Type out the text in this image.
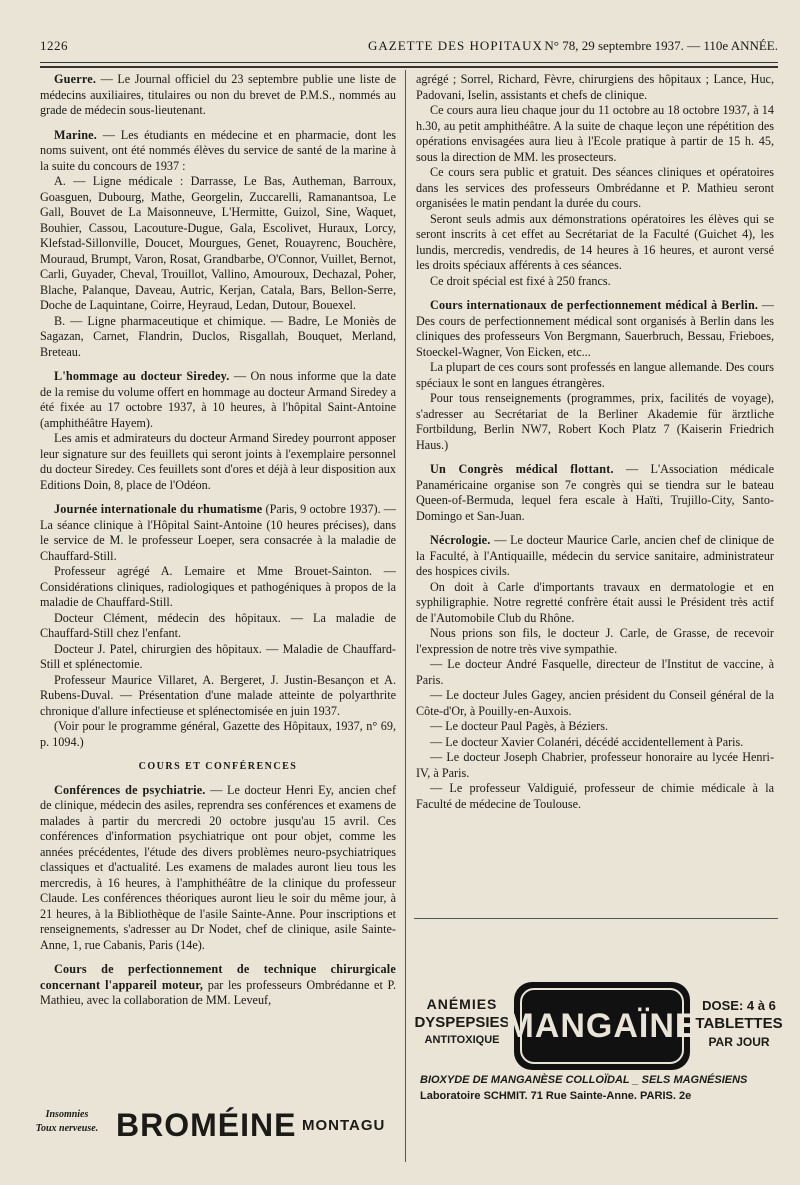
1226	GAZETTE DES HOPITAUX N° 78, 29 septembre 1937. — 110e ANNÉE.

Guerre. — Le Journal officiel du 23 septembre publie une liste de médecins auxiliaires, titulaires ou non du brevet de P.M.S., nommés au grade de médecin sous-lieutenant.

Marine. — Les étudiants en médecine et en pharmacie, dont les noms suivent, ont été nommés élèves du service de santé de la marine à la suite du concours de 1937 :

A. — Ligne médicale : Darrasse, Le Bas, Autheman, Barroux, Goasguen, Dubourg, Mathe, Georgelin, Zuccarelli, Ramanantsoa, Le Gall, Bouvet de La Maisonneuve, L'Hermitte, Guizol, Sine, Waquet, Bouhier, Cassou, Lacouture-Dugue, Gala, Escolivet, Huraux, Lorcy, Klefstad-Sillonville, Doucet, Mourgues, Genet, Rouayrenc, Bouchère, Mouraud, Brumpt, Varon, Rosat, Grandbarbe, O'Connor, Vuillet, Bernot, Carli, Guyader, Cheval, Trouillot, Vallino, Amouroux, Dechazal, Poher, Blache, Palanque, Daveau, Autric, Kerjan, Catala, Bars, Bellon-Serre, Doche de Laquintane, Coirre, Heyraud, Ledan, Dutour, Bouexel.

B. — Ligne pharmaceutique et chimique. — Badre, Le Moniès de Sagazan, Carnet, Flandrin, Duclos, Risgallah, Bouquet, Merland, Breteau.

L'hommage au docteur Siredey. — On nous informe que la date de la remise du volume offert en hommage au docteur Armand Siredey a été fixée au 17 octobre 1937, à 10 heures, à l'hôpital Saint-Antoine (amphithéâtre Hayem).

Les amis et admirateurs du docteur Armand Siredey pourront apposer leur signature sur des feuillets qui seront joints à l'exemplaire personnel du docteur Siredey. Ces feuillets sont d'ores et déjà à leur disposition aux Editions Doin, 8, place de l'Odéon.

Journée internationale du rhumatisme (Paris, 9 octobre 1937). — La séance clinique à l'Hôpital Saint-Antoine (10 heures précises), dans le service de M. le professeur Loeper, sera consacrée à la maladie de Chauffard-Still.

Professeur agrégé A. Lemaire et Mme Brouet-Sainton. — Considérations cliniques, radiologiques et pathogéniques à propos de la maladie de Chauffard-Still.

Docteur Clément, médecin des hôpitaux. — La maladie de Chauffard-Still chez l'enfant.

Docteur J. Patel, chirurgien des hôpitaux. — Maladie de Chauffard-Still et splénectomie.

Professeur Maurice Villaret, A. Bergeret, J. Justin-Besançon et A. Rubens-Duval. — Présentation d'une malade atteinte de polyarthrite chronique d'allure infectieuse et splénectomisée en juin 1937.

(Voir pour le programme général, Gazette des Hôpitaux, 1937, n° 69, p. 1094.)

COURS ET CONFÉRENCES

Conférences de psychiatrie. — Le docteur Henri Ey, ancien chef de clinique, médecin des asiles, reprendra ses conférences et examens de malades à partir du mercredi 20 octobre jusqu'au 15 avril. Ces conférences d'information psychiatrique ont pour objet, comme les années précédentes, l'étude des divers problèmes neuro-psychiatriques classiques et d'actualité. Les examens de malades auront lieu tous les mercredis, à 16 heures, à l'amphithéâtre de la clinique du professeur Claude. Les conférences théoriques auront lieu le soir du même jour, à 21 heures, à la Bibliothèque de l'asile Sainte-Anne. Pour inscriptions et renseignements, s'adresser au Dr Nodet, chef de clinique, asile Sainte-Anne, 1, rue Cabanis, Paris (14e).

Cours de perfectionnement de technique chirurgicale concernant l'appareil moteur, par les professeurs Ombrédanne et P. Mathieu, avec la collaboration de MM. Leveuf,

agrégé ; Sorrel, Richard, Fèvre, chirurgiens des hôpitaux ; Lance, Huc, Padovani, Iselin, assistants et chefs de clinique.

Ce cours aura lieu chaque jour du 11 octobre au 18 octobre 1937, à 14 h.30, au petit amphithéâtre. A la suite de chaque leçon une répétition des opérations envisagées aura lieu à l'Ecole pratique à partir de 15 h. 45, sous la direction de MM. les prosecteurs.

Ce cours sera public et gratuit. Des séances cliniques et opératoires dans les services des professeurs Ombrédanne et P. Mathieu seront organisées le matin pendant la durée du cours.

Seront seuls admis aux démonstrations opératoires les élèves qui se seront inscrits à cet effet au Secrétariat de la Faculté (Guichet 4), les lundis, mercredis, vendredis, de 14 heures à 16 heures, et auront versé les droits spéciaux afférents à ces séances.

Ce droit spécial est fixé à 250 francs.

Cours internationaux de perfectionnement médical à Berlin. — Des cours de perfectionnement médical sont organisés à Berlin dans les cliniques des professeurs Von Bergmann, Sauerbruch, Bessau, Frieboes, Stoeckel-Wagner, Von Eicken, etc...

La plupart de ces cours sont professés en langue allemande. Des cours spéciaux le sont en langues étrangères.

Pour tous renseignements (programmes, prix, facilités de voyage), s'adresser au Secrétariat de la Berliner Akademie für ärztliche Fortbildung, Berlin NW7, Robert Koch Platz 7 (Kaiserin Friedrich Haus.)

Un Congrès médical flottant. — L'Association médicale Panaméricaine organise son 7e congrès qui se tiendra sur le bateau Queen-of-Bermuda, lequel fera escale à Haïti, Trujillo-City, Santo-Domingo et San-Juan.

Nécrologie. — Le docteur Maurice Carle, ancien chef de clinique de la Faculté, à l'Antiquaille, médecin du service sanitaire, administrateur des hospices civils.

On doit à Carle d'importants travaux en dermatologie et en syphiligraphie. Notre regretté confrère était aussi le Président très actif de l'Automobile Club du Rhône.

Nous prions son fils, le docteur J. Carle, de Grasse, de recevoir l'expression de notre très vive sympathie.

— Le docteur André Fasquelle, directeur de l'Institut de vaccine, à Paris.

— Le docteur Jules Gagey, ancien président du Conseil général de la Côte-d'Or, à Pouilly-en-Auxois.

— Le docteur Paul Pagès, à Béziers.

— Le docteur Xavier Colanéri, décédé accidentellement à Paris.

— Le docteur Joseph Chabrier, professeur honoraire au lycée Henri-IV, à Paris.

— Le professeur Valdiguié, professeur de chimie médicale à la Faculté de médecine de Toulouse.

ANÉMIES
DYSPEPSIES
ANTITOXIQUE MANGAÏNE
DOSE: 4 à 6
TABLETTES
PAR JOUR
BIOXYDE DE MANGANÈSE COLLOÏDAL _ SELS MAGNÉSIENS
Laboratoire SCHMIT. 71 Rue Sainte-Anne. PARIS. 2e
Insomnies
Toux nerveuse. BROMÉINE MONTAGU
